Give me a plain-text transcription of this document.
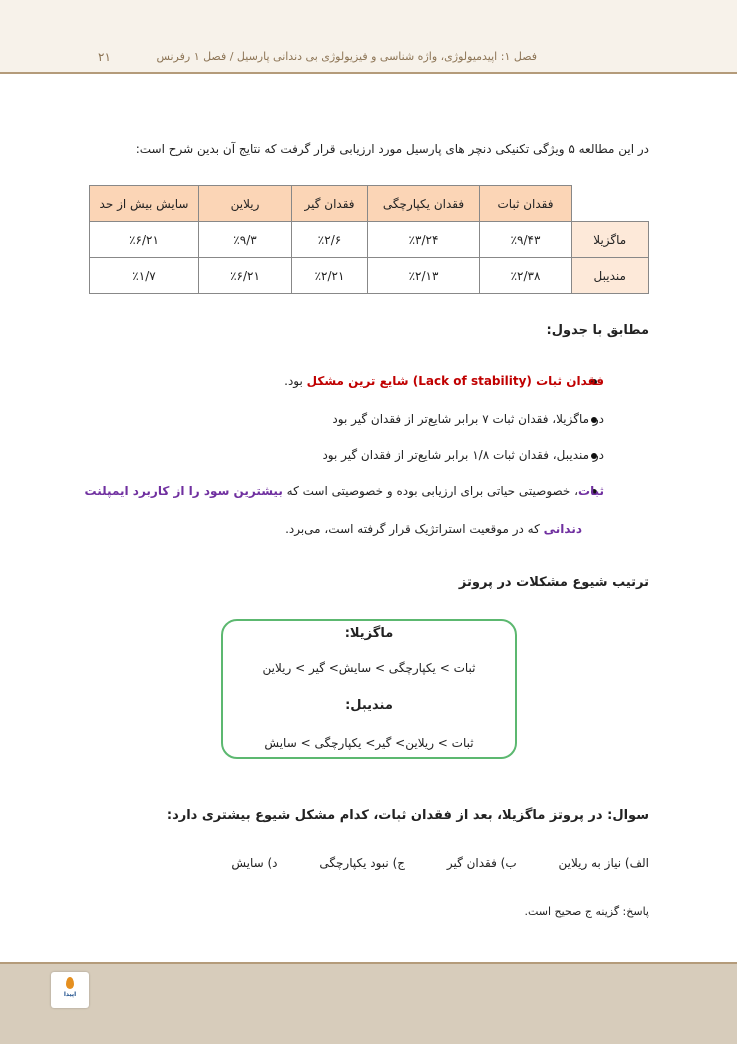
فصل ۱: اپیدمیولوژی، واژه شناسی و فیزیولوژی بی دندانی پارسیل / فصل ۱ رفرنس
۲۱
در این مطالعه ۵ ویژگی تکنیکی دنچر های پارسیل مورد ارزیابی قرار گرفت که نتایج آن بدین شرح است:
	فقدان ثبات	فقدان یکپارچگی	فقدان گیر	ریلاین	سایش بیش از حد
ماگزیلا	۴۳/٪۹	۲۴/٪۳	۶/٪۲	۳/٪۹	۲۱/٪۶
مندیبل	۳۸/٪۲	۱۳/٪۲	۲۱/٪۲	۲۱/٪۶	۷/٪۱
مطابق با جدول:
فقدان ثبات (Lack of stability) شایع ترین مشکل بود.
در ماگزیلا، فقدان ثبات ۷ برابر شایع‌تر از فقدان گیر بود
در مندیبل، فقدان ثبات ۱/۸ برابر شایع‌تر از فقدان گیر بود
ثبات، خصوصیتی حیاتی برای ارزیابی بوده و خصوصیتی است که بیشترین سود را از کاربرد ایمپلنت
دندانی که در موقعیت استراتژیک قرار گرفته است، می‌برد.
ترتیب شیوع مشکلات در پروتز
ماگزیلا:
ثبات > یکپارچگی > سایش> گیر > ریلاین
مندیبل:
ثبات > ریلاین> گیر> یکپارچگی > سایش
سوال: در پروتز ماگزیلا، بعد از فقدان ثبات، کدام مشکل شیوع بیشتری دارد:
الف) نیاز به ریلاین ب) فقدان گیر ج) نبود یکپارچگی د) سایش
پاسخ: گزینه ج صحیح است.
اپیدا
